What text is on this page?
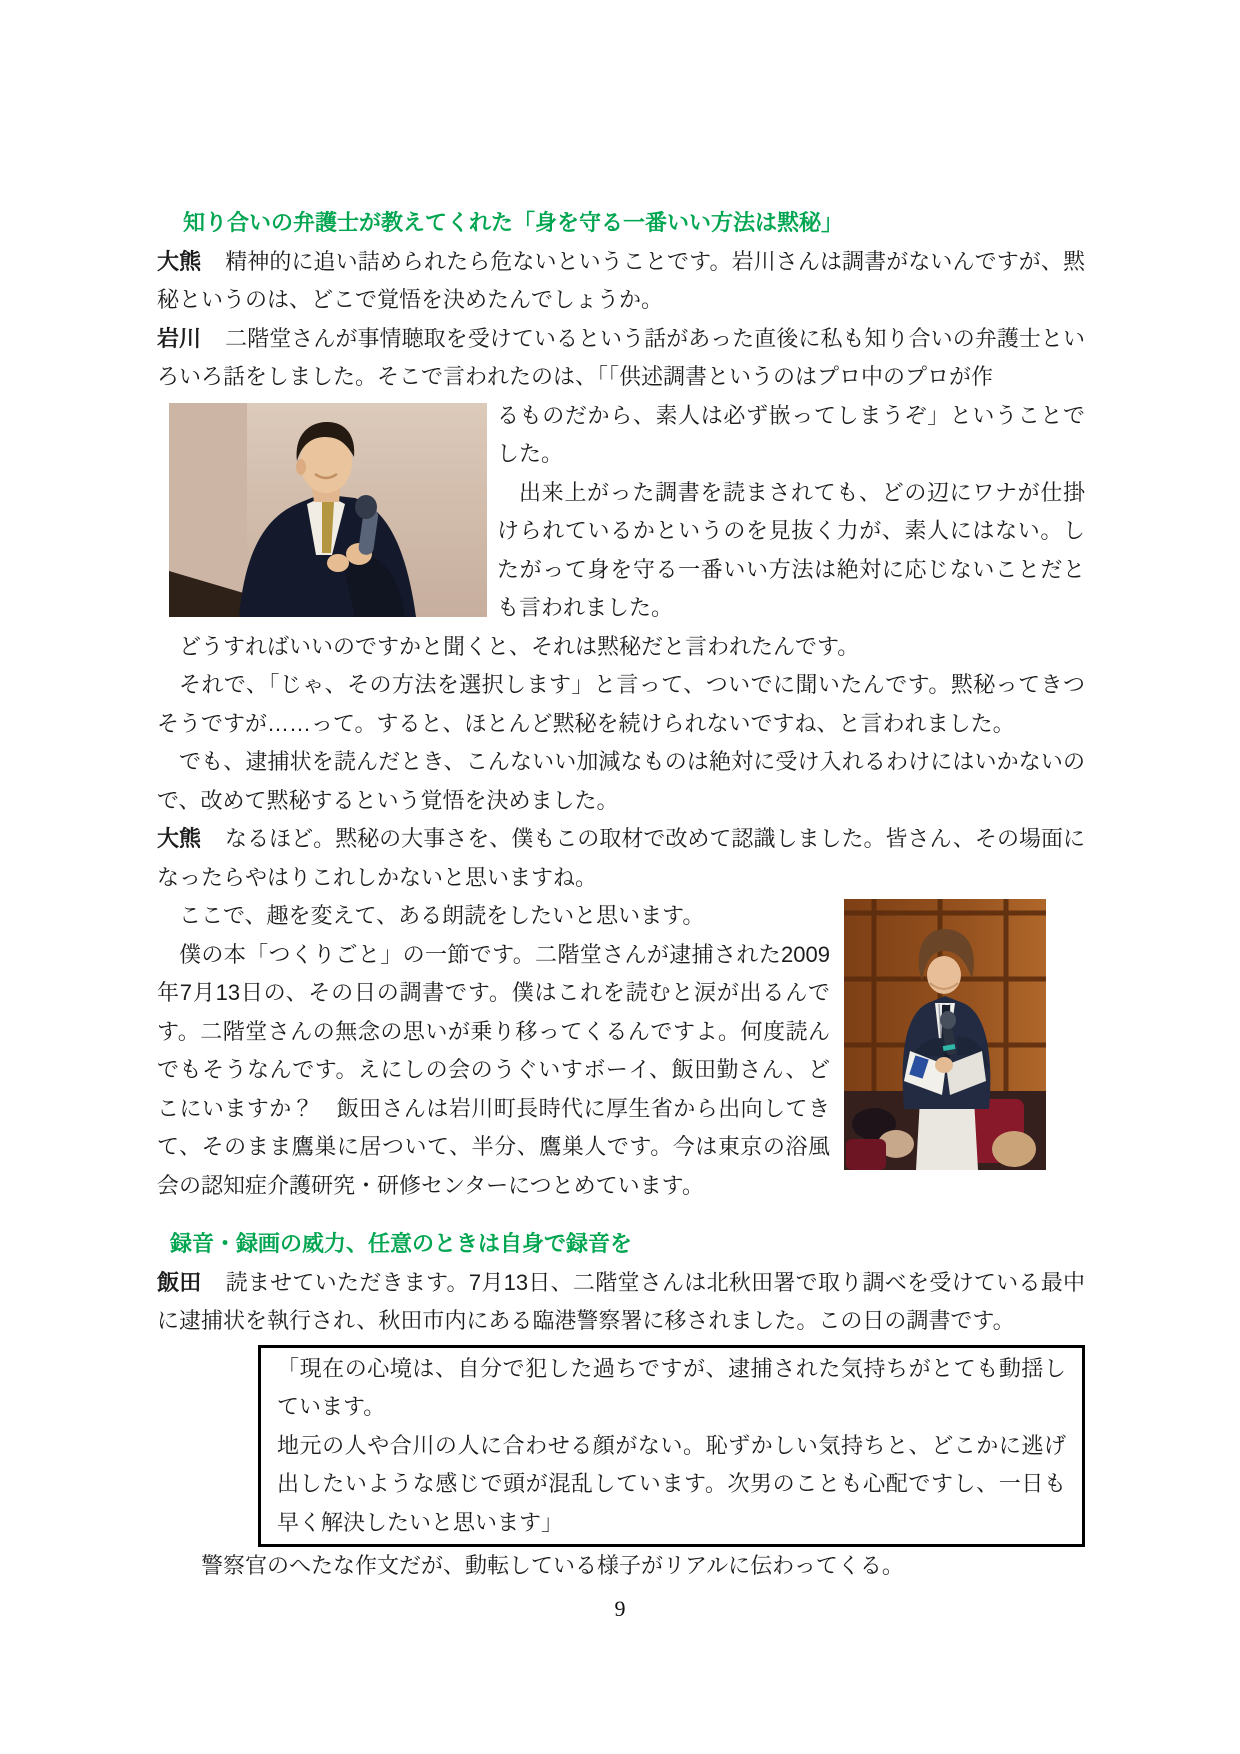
知り合いの弁護士が教えてくれた「身を守る一番いい方法は黙秘」

大熊 精神的に追い詰められたら危ないということです。岩川さんは調書がないんですが、黙秘というのは、どこで覚悟を決めたんでしょうか。

岩川 二階堂さんが事情聴取を受けているという話があった直後に私も知り合いの弁護士といろいろ話をしました。そこで言われたのは、「「供述調書というのはプロ中のプロが作

るものだから、素人は必ず嵌ってしまうぞ」ということでした。

出来上がった調書を読まされても、どの辺にワナが仕掛けられているかというのを見抜く力が、素人にはない。したがって身を守る一番いい方法は絶対に応じないことだとも言われました。

どうすればいいのですかと聞くと、それは黙秘だと言われたんです。

それで、「じゃ、その方法を選択します」と言って、ついでに聞いたんです。黙秘ってきつそうですが……って。すると、ほとんど黙秘を続けられないですね、と言われました。

でも、逮捕状を読んだとき、こんないい加減なものは絶対に受け入れるわけにはいかないので、改めて黙秘するという覚悟を決めました。

大熊 なるほど。黙秘の大事さを、僕もこの取材で改めて認識しました。皆さん、その場面になったらやはりこれしかないと思いますね。

ここで、趣を変えて、ある朗読をしたいと思います。

僕の本「つくりごと」の一節です。二階堂さんが逮捕された2009年7月13日の、その日の調書です。僕はこれを読むと涙が出るんです。二階堂さんの無念の思いが乗り移ってくるんですよ。何度読んでもそうなんです。えにしの会のうぐいすボーイ、飯田勤さん、どこにいますか？　飯田さんは岩川町長時代に厚生省から出向してきて、そのまま鷹巣に居ついて、半分、鷹巣人です。今は東京の浴風会の認知症介護研究・研修センターにつとめています。

録音・録画の威力、任意のときは自身で録音を

飯田 読ませていただきます。7月13日、二階堂さんは北秋田署で取り調べを受けている最中に逮捕状を執行され、秋田市内にある臨港警察署に移されました。この日の調書です。

「現在の心境は、自分で犯した過ちですが、逮捕された気持ちがとても動揺しています。

地元の人や合川の人に合わせる顔がない。恥ずかしい気持ちと、どこかに逃げ出したいような感じで頭が混乱しています。次男のことも心配ですし、一日も早く解決したいと思います」

警察官のへたな作文だが、動転している様子がリアルに伝わってくる。

9
